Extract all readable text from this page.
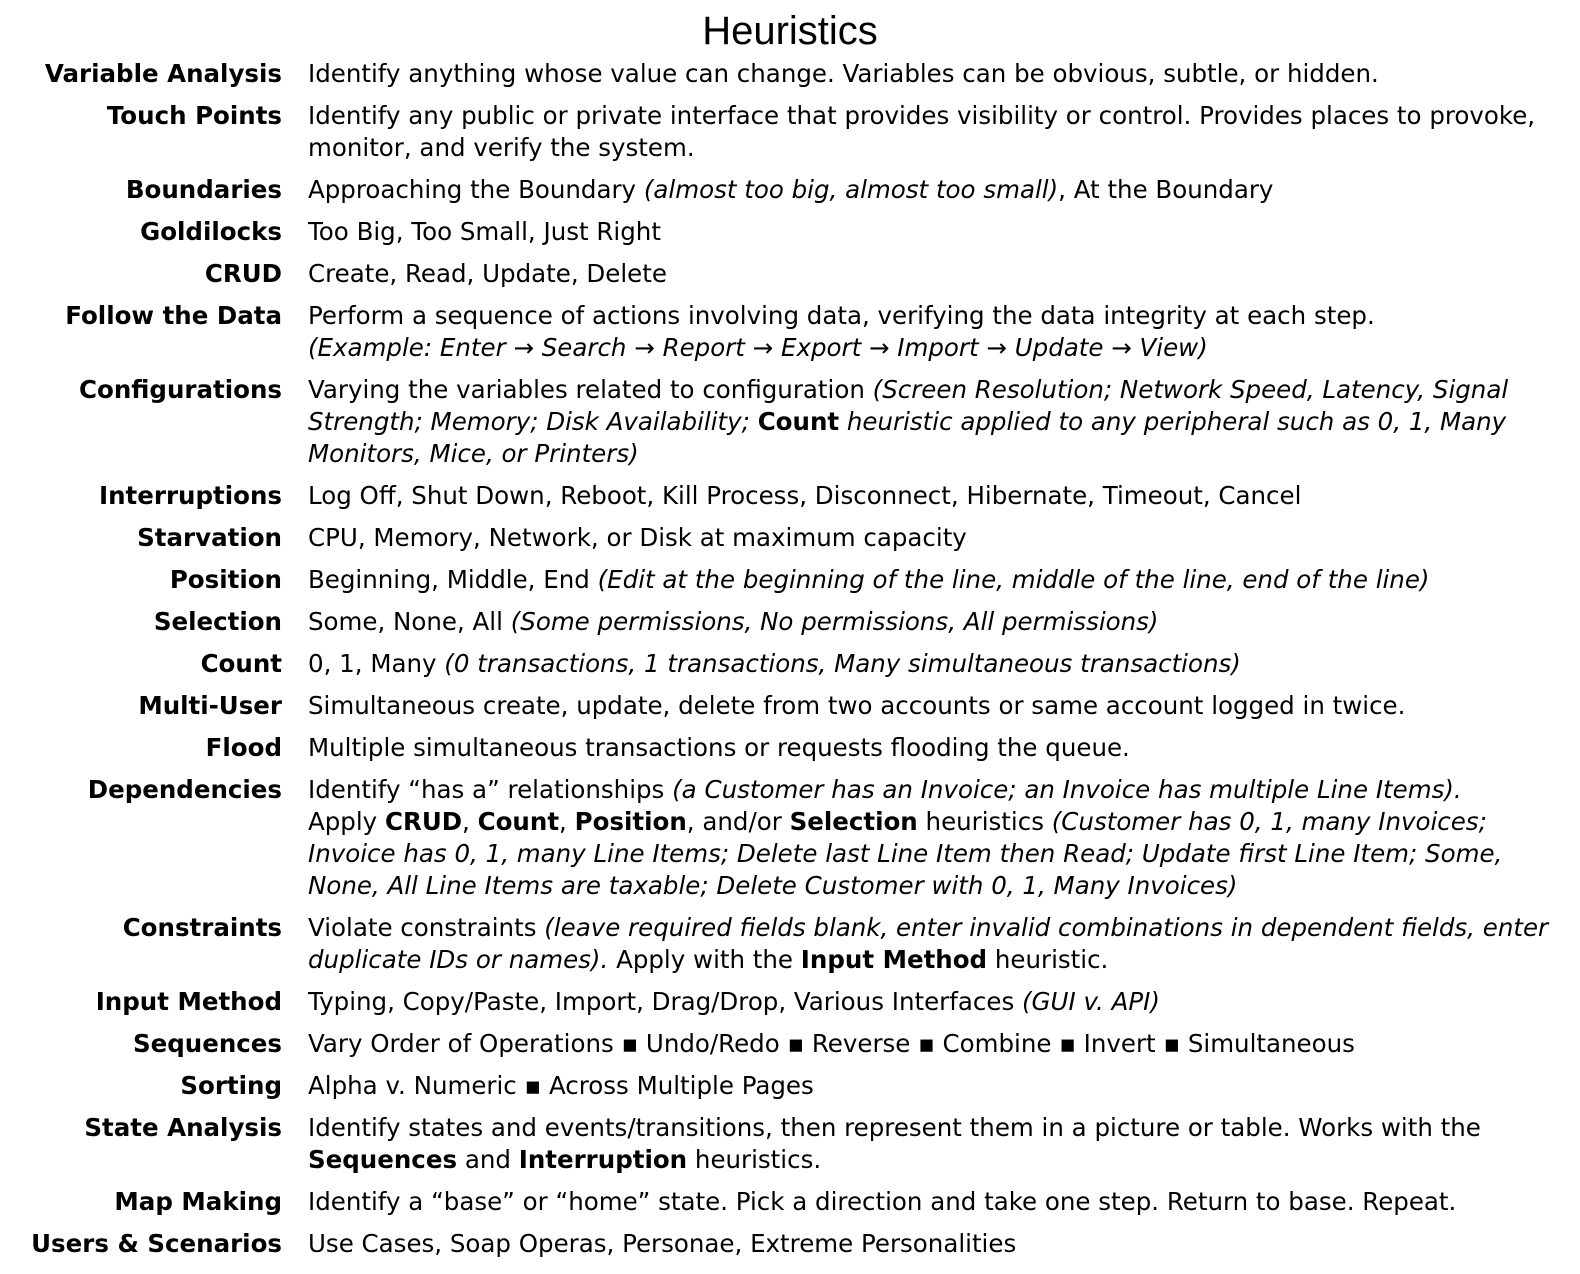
Heuristics
Variable Analysis Identify anything whose value can change. Variables can be obvious, subtle, or hidden.
Touch Points Identify any public or private interface that provides visibility or control. Provides places to provoke, monitor, and verify the system.
Boundaries Approaching the Boundary (almost too big, almost too small), At the Boundary
Goldilocks Too Big, Too Small, Just Right
CRUD Create, Read, Update, Delete
Follow the Data Perform a sequence of actions involving data, verifying the data integrity at each step.
(Example: Enter → Search → Report → Export → Import → Update → View)
Configurations Varying the variables related to configuration (Screen Resolution; Network Speed, Latency, Signal Strength; Memory; Disk Availability; Count heuristic applied to any peripheral such as 0, 1, Many Monitors, Mice, or Printers)
Interruptions Log Off, Shut Down, Reboot, Kill Process, Disconnect, Hibernate, Timeout, Cancel
Starvation CPU, Memory, Network, or Disk at maximum capacity
Position Beginning, Middle, End (Edit at the beginning of the line, middle of the line, end of the line)
Selection Some, None, All (Some permissions, No permissions, All permissions)
Count 0, 1, Many (0 transactions, 1 transactions, Many simultaneous transactions)
Multi-User Simultaneous create, update, delete from two accounts or same account logged in twice.
Flood Multiple simultaneous transactions or requests flooding the queue.
Dependencies Identify “has a” relationships (a Customer has an Invoice; an Invoice has multiple Line Items).
Apply CRUD, Count, Position, and/or Selection heuristics (Customer has 0, 1, many Invoices; Invoice has 0, 1, many Line Items; Delete last Line Item then Read; Update first Line Item; Some, None, All Line Items are taxable; Delete Customer with 0, 1, Many Invoices)
Constraints Violate constraints (leave required fields blank, enter invalid combinations in dependent fields, enter duplicate IDs or names). Apply with the Input Method heuristic.
Input Method Typing, Copy/Paste, Import, Drag/Drop, Various Interfaces (GUI v. API)
Sequences Vary Order of Operations ▪ Undo/Redo ▪ Reverse ▪ Combine ▪ Invert ▪ Simultaneous
Sorting Alpha v. Numeric ▪ Across Multiple Pages
State Analysis Identify states and events/transitions, then represent them in a picture or table. Works with the Sequences and Interruption heuristics.
Map Making Identify a “base” or “home” state. Pick a direction and take one step. Return to base. Repeat.
Users & Scenarios Use Cases, Soap Operas, Personae, Extreme Personalities
